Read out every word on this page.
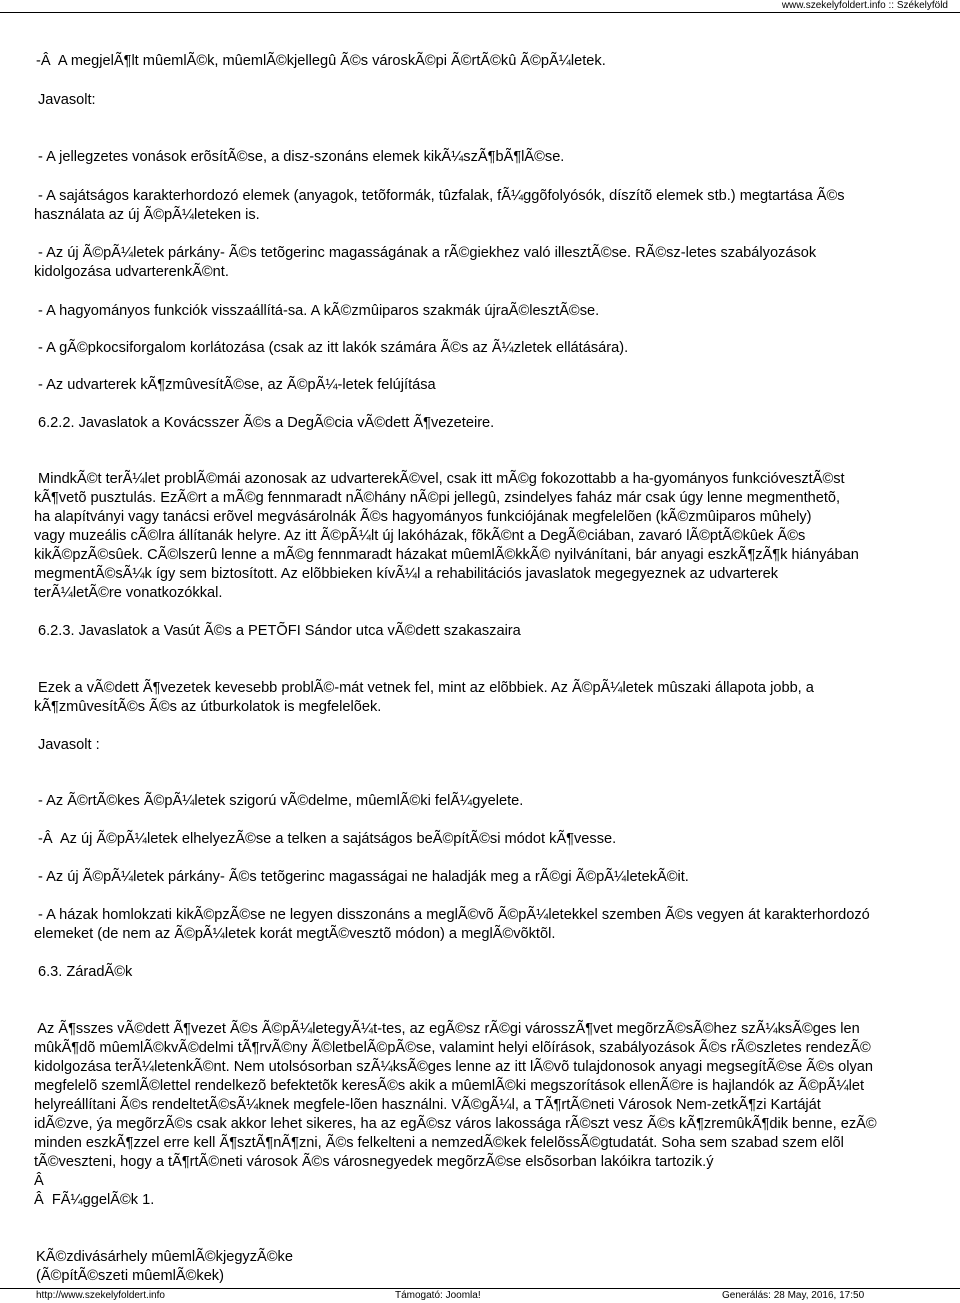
www.szekelyfoldert.info :: Székelyföld
-Â  A megjelÃ¶lt mûemlÃ©k, mûemlÃ©kjellegû Ã©s városkÃ©pi Ã©rtÃ©kû Ã©pÃ¼letek.
Javasolt:
- A jellegzetes vonások erõsítÃ©se, a disz-szonáns elemek kikÃ¼szÃ¶bÃ¶lÃ©se.
- A sajátságos karakterhordozó elemek (anyagok, tetõformák, tûzfalak, fÃ¼ggõfolyósók, díszítõ elemek stb.) megtartása Ã©s
használata az új Ã©pÃ¼leteken is.
- Az új Ã©pÃ¼letek párkány- Ã©s tetõgerinc magasságának a rÃ©giekhez való illesztÃ©se. RÃ©sz-letes szabályozások
kidolgozása udvarterenkÃ©nt.
- A hagyományos funkciók visszaállítá-sa. A kÃ©zmûiparos szakmák újraÃ©lesztÃ©se.
- A gÃ©pkocsiforgalom korlátozása (csak az itt lakók számára Ã©s az Ã¼zletek ellátására).
- Az udvarterek kÃ¶zmûvesítÃ©se, az Ã©pÃ¼-letek felújítása
6.2.2. Javaslatok a Kovácsszer Ã©s a DegÃ©cia vÃ©dett Ã¶vezeteire.
MindkÃ©t terÃ¼let problÃ©mái azonosak az udvarterekÃ©vel, csak itt mÃ©g fokozottabb a ha-gyományos funkcióvesztÃ©st
kÃ¶vetõ pusztulás. EzÃ©rt a mÃ©g fennmaradt nÃ©hány nÃ©pi jellegû, zsindelyes faház már csak úgy lenne megmenthetõ,
ha alapítványi vagy tanácsi erõvel megvásárolnák Ã©s hagyományos funkciójának megfelelõen (kÃ©zmûiparos mûhely)
vagy muzeális cÃ©lra állítanák helyre. Az itt Ã©pÃ¼lt új lakóházak, fõkÃ©nt a DegÃ©ciában, zavaró lÃ©ptÃ©kûek Ã©s
kikÃ©pzÃ©sûek. CÃ©lszerû lenne a mÃ©g fennmaradt házakat mûemlÃ©kkÃ© nyilvánítani, bár anyagi eszkÃ¶zÃ¶k hiányában
megmentÃ©sÃ¼k így sem biztosított. Az elõbbieken kívÃ¼l a rehabilitációs javaslatok megegyeznek az udvarterek
terÃ¼letÃ©re vonatkozókkal.
6.2.3. Javaslatok a Vasút Ã©s a PETÕFI Sándor utca vÃ©dett szakaszaira
Ezek a vÃ©dett Ã¶vezetek kevesebb problÃ©-mát vetnek fel, mint az elõbbiek. Az Ã©pÃ¼letek mûszaki állapota jobb, a
kÃ¶zmûvesítÃ©s Ã©s az útburkolatok is megfelelõek.
Javasolt :
- Az Ã©rtÃ©kes Ã©pÃ¼letek szigorú vÃ©delme, mûemlÃ©ki felÃ¼gyelete.
-Â  Az új Ã©pÃ¼letek elhelyezÃ©se a telken a sajátságos beÃ©pítÃ©si módot kÃ¶vesse.
- Az új Ã©pÃ¼letek párkány- Ã©s tetõgerinc magasságai ne haladják meg a rÃ©gi Ã©pÃ¼letekÃ©it.
- A házak homlokzati kikÃ©pzÃ©se ne legyen disszonáns a meglÃ©võ Ã©pÃ¼letekkel szemben Ã©s vegyen át karakterhordozó
elemeket (de nem az Ã©pÃ¼letek korát megtÃ©vesztõ módon) a meglÃ©võktõl.
6.3. ZáradÃ©k
Az Ã¶sszes vÃ©dett Ã¶vezet Ã©s Ã©pÃ¼letegyÃ¼t-tes, az egÃ©sz rÃ©gi városszÃ¶vet megõrzÃ©sÃ©hez szÃ¼ksÃ©ges len
mûkÃ¶dõ mûemlÃ©kvÃ©delmi tÃ¶rvÃ©ny Ã©letbelÃ©pÃ©se, valamint helyi elõírások, szabályozások Ã©s rÃ©szletes rendezÃ©
kidolgozása terÃ¼letenkÃ©nt. Nem utolsósorban szÃ¼ksÃ©ges lenne az itt lÃ©võ tulajdonosok anyagi megsegítÃ©se Ã©s olyan
megfelelõ szemlÃ©lettel rendelkezõ befektetõk keresÃ©s akik a mûemlÃ©ki megszorítások ellenÃ©re is hajlandók az Ã©pÃ¼let
helyreállítani Ã©s rendeltetÃ©sÃ¼knek megfele-lõen használni. VÃ©gÃ¼l, a TÃ¶rtÃ©neti Városok Nem-zetkÃ¶zi Kartáját
idÃ©zve, ýa megõrzÃ©s csak akkor lehet sikeres, ha az egÃ©sz város lakossága rÃ©szt vesz Ã©s kÃ¶zremûkÃ¶dik benne, ezÃ©
minden eszkÃ¶zzel erre kell Ã¶sztÃ¶nÃ¶zni, Ã©s felkelteni a nemzedÃ©kek felelõssÃ©gtudatát. Soha sem szabad szem elõl
tÃ©veszteni, hogy a tÃ¶rtÃ©neti városok Ã©s városnegyedek megõrzÃ©se elsõsorban lakóikra tartozik.ý
Â
Â  FÃ¼ggelÃ©k 1.
KÃ©zdivásárhely mûemlÃ©kjegyzÃ©ke
(Ã©pítÃ©szeti mûemlÃ©kek)
http://www.szekelyfoldert.info	Támogató: Joomla!	Generálás: 28 May, 2016, 17:50
